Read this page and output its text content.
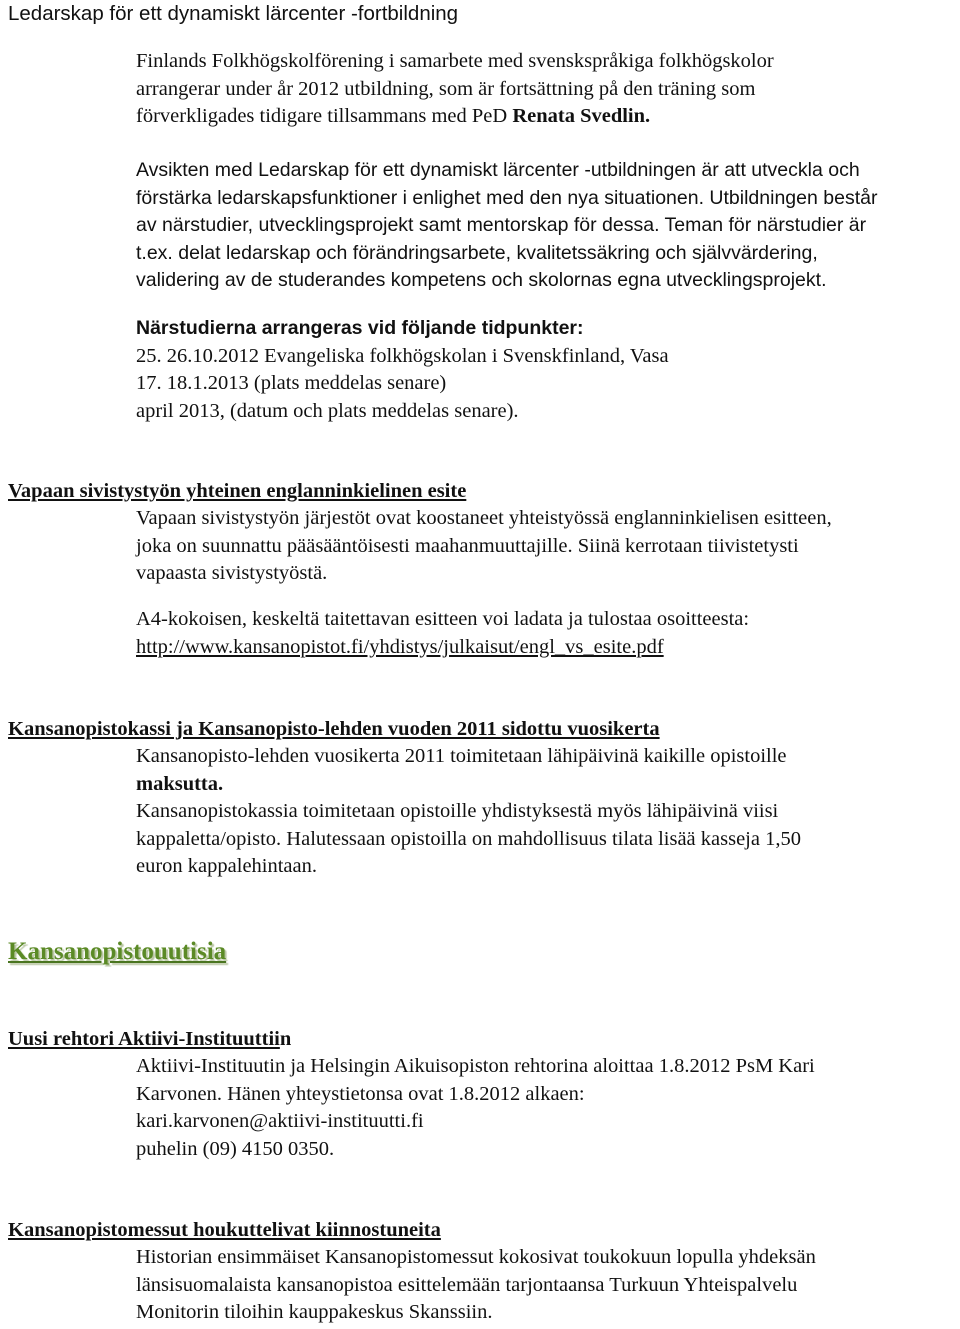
Ledarskap för ett dynamiskt lärcenter -fortbildning

Finlands Folkhögskolförening i samarbete med svenskspråkiga folkhögskolor

arrangerar under år 2012 utbildning, som är fortsättning på den träning som

förverkligades tidigare tillsammans med PeD Renata Svedlin.

Avsikten med Ledarskap för ett dynamiskt lärcenter -utbildningen är att utveckla och

förstärka ledarskapsfunktioner i enlighet med den nya situationen. Utbildningen består

av närstudier, utvecklingsprojekt samt mentorskap för dessa. Teman för närstudier är

t.ex. delat ledarskap och förändringsarbete, kvalitetssäkring och självvärdering,

validering av de studerandes kompetens och skolornas egna utvecklingsprojekt.

Närstudierna arrangeras vid följande tidpunkter:

25. 26.10.2012 Evangeliska folkhögskolan i Svenskfinland, Vasa

17. 18.1.2013 (plats meddelas senare)

april 2013, (datum och plats meddelas senare).

Vapaan sivistystyön yhteinen englanninkielinen esite

Vapaan sivistystyön järjestöt ovat koostaneet yhteistyössä englanninkielisen esitteen,

joka on suunnattu pääsääntöisesti maahanmuuttajille. Siinä kerrotaan tiivistetysti

vapaasta sivistystyöstä.

A4-kokoisen, keskeltä taitettavan esitteen voi ladata ja tulostaa osoitteesta:

http://www.kansanopistot.fi/yhdistys/julkaisut/engl_vs_esite.pdf

Kansanopistokassi ja Kansanopisto-lehden vuoden 2011 sidottu vuosikerta

Kansanopisto-lehden vuosikerta 2011 toimitetaan lähipäivinä kaikille opistoille

maksutta.

Kansanopistokassia toimitetaan opistoille yhdistyksestä myös lähipäivinä viisi

kappaletta/opisto. Halutessaan opistoilla on mahdollisuus tilata lisää kasseja 1,50

euron kappalehintaan.

Kansanopistouutisia
Uusi rehtori Aktiivi-Instituuttiin

Aktiivi-Instituutin ja Helsingin Aikuisopiston rehtorina aloittaa 1.8.2012 PsM Kari

Karvonen. Hänen yhteystietonsa ovat 1.8.2012 alkaen:

kari.karvonen@aktiivi-instituutti.fi

puhelin (09) 4150 0350.

Kansanopistomessut houkuttelivat kiinnostuneita

Historian ensimmäiset Kansanopistomessut kokosivat toukokuun lopulla yhdeksän

länsisuomalaista kansanopistoa esittelemään tarjontaansa Turkuun Yhteispalvelu

Monitorin tiloihin kauppakeskus Skanssiin.
